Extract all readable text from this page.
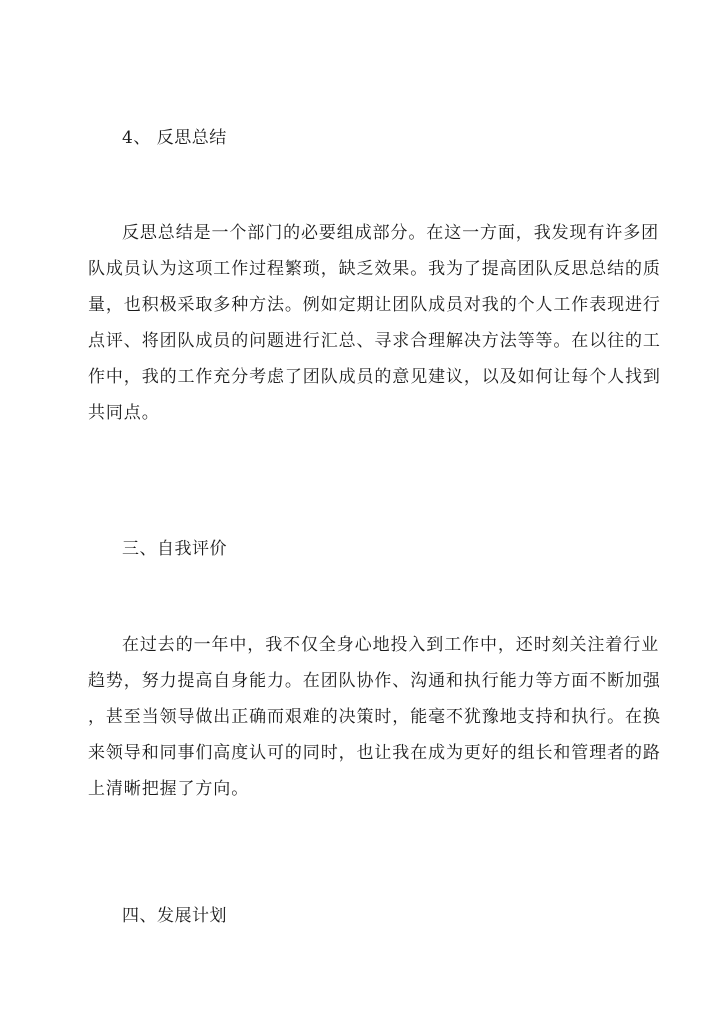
4、 反思总结
反思总结是一个部门的必要组成部分。在这一方面，我发现有许多团
队成员认为这项工作过程繁琐，缺乏效果。我为了提高团队反思总结的质
量，也积极采取多种方法。例如定期让团队成员对我的个人工作表现进行
点评、将团队成员的问题进行汇总、寻求合理解决方法等等。在以往的工
作中，我的工作充分考虑了团队成员的意见建议，以及如何让每个人找到
共同点。
三、自我评价
在过去的一年中，我不仅全身心地投入到工作中，还时刻关注着行业
趋势，努力提高自身能力。在团队协作、沟通和执行能力等方面不断加强
，甚至当领导做出正确而艰难的决策时，能毫不犹豫地支持和执行。在换
来领导和同事们高度认可的同时，也让我在成为更好的组长和管理者的路
上清晰把握了方向。
四、发展计划
